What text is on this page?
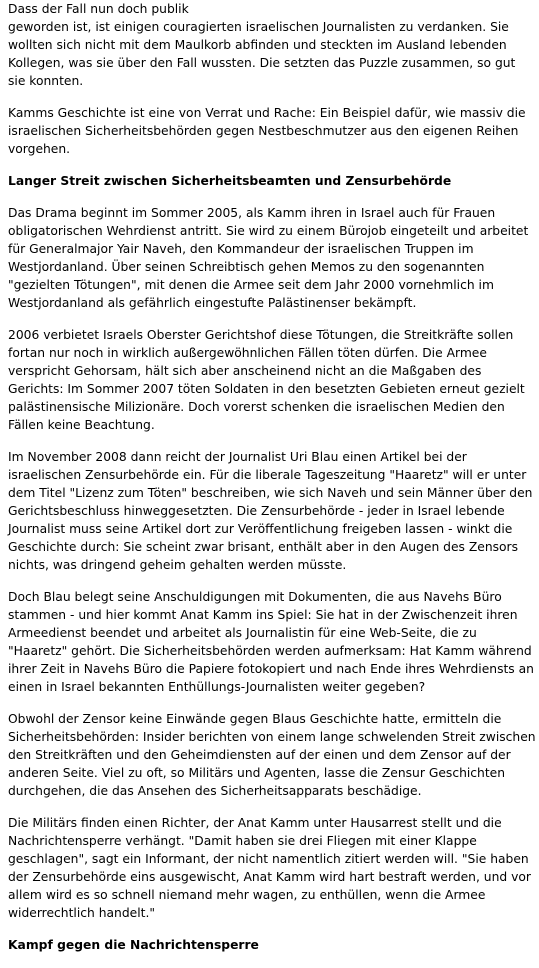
Dass der Fall nun doch publik
geworden ist, ist einigen couragierten israelischen Journalisten zu verdanken. Sie wollten sich nicht mit dem Maulkorb abfinden und steckten im Ausland lebenden Kollegen, was sie über den Fall wussten. Die setzten das Puzzle zusammen, so gut sie konnten.

Kamms Geschichte ist eine von Verrat und Rache: Ein Beispiel dafür, wie massiv die israelischen Sicherheitsbehörden gegen Nestbeschmutzer aus den eigenen Reihen vorgehen.

Langer Streit zwischen Sicherheitsbeamten und Zensurbehörde

Das Drama beginnt im Sommer 2005, als Kamm ihren in Israel auch für Frauen obligatorischen Wehrdienst antritt. Sie wird zu einem Bürojob eingeteilt und arbeitet für Generalmajor Yair Naveh, den Kommandeur der israelischen Truppen im Westjordanland. Über seinen Schreibtisch gehen Memos zu den sogenannten "gezielten Tötungen", mit denen die Armee seit dem Jahr 2000 vornehmlich im Westjordanland als gefährlich eingestufte Palästinenser bekämpft.

2006 verbietet Israels Oberster Gerichtshof diese Tötungen, die Streitkräfte sollen fortan nur noch in wirklich außergewöhnlichen Fällen töten dürfen. Die Armee verspricht Gehorsam, hält sich aber anscheinend nicht an die Maßgaben des Gerichts: Im Sommer 2007 töten Soldaten in den besetzten Gebieten erneut gezielt palästinensische Milizionäre. Doch vorerst schenken die israelischen Medien den Fällen keine Beachtung.

Im November 2008 dann reicht der Journalist Uri Blau einen Artikel bei der israelischen Zensurbehörde ein. Für die liberale Tageszeitung "Haaretz" will er unter dem Titel "Lizenz zum Töten" beschreiben, wie sich Naveh und sein Männer über den Gerichtsbeschluss hinweggesetzten. Die Zensurbehörde - jeder in Israel lebende Journalist muss seine Artikel dort zur Veröffentlichung freigeben lassen - winkt die Geschichte durch: Sie scheint zwar brisant, enthält aber in den Augen des Zensors nichts, was dringend geheim gehalten werden müsste.

Doch Blau belegt seine Anschuldigungen mit Dokumenten, die aus Navehs Büro stammen - und hier kommt Anat Kamm ins Spiel: Sie hat in der Zwischenzeit ihren Armeedienst beendet und arbeitet als Journalistin für eine Web-Seite, die zu "Haaretz" gehört. Die Sicherheitsbehörden werden aufmerksam: Hat Kamm während ihrer Zeit in Navehs Büro die Papiere fotokopiert und nach Ende ihres Wehrdiensts an einen in Israel bekannten Enthüllungs-Journalisten weiter gegeben?

Obwohl der Zensor keine Einwände gegen Blaus Geschichte hatte, ermitteln die Sicherheitsbehörden: Insider berichten von einem lange schwelenden Streit zwischen den Streitkräften und den Geheimdiensten auf der einen und dem Zensor auf der anderen Seite. Viel zu oft, so Militärs und Agenten, lasse die Zensur Geschichten durchgehen, die das Ansehen des Sicherheitsapparats beschädige.

Die Militärs finden einen Richter, der Anat Kamm unter Hausarrest stellt und die Nachrichtensperre verhängt. "Damit haben sie drei Fliegen mit einer Klappe geschlagen", sagt ein Informant, der nicht namentlich zitiert werden will. "Sie haben der Zensurbehörde eins ausgewischt, Anat Kamm wird hart bestraft werden, und vor allem wird es so schnell niemand mehr wagen, zu enthüllen, wenn die Armee widerrechtlich handelt."

Kampf gegen die Nachrichtensperre
